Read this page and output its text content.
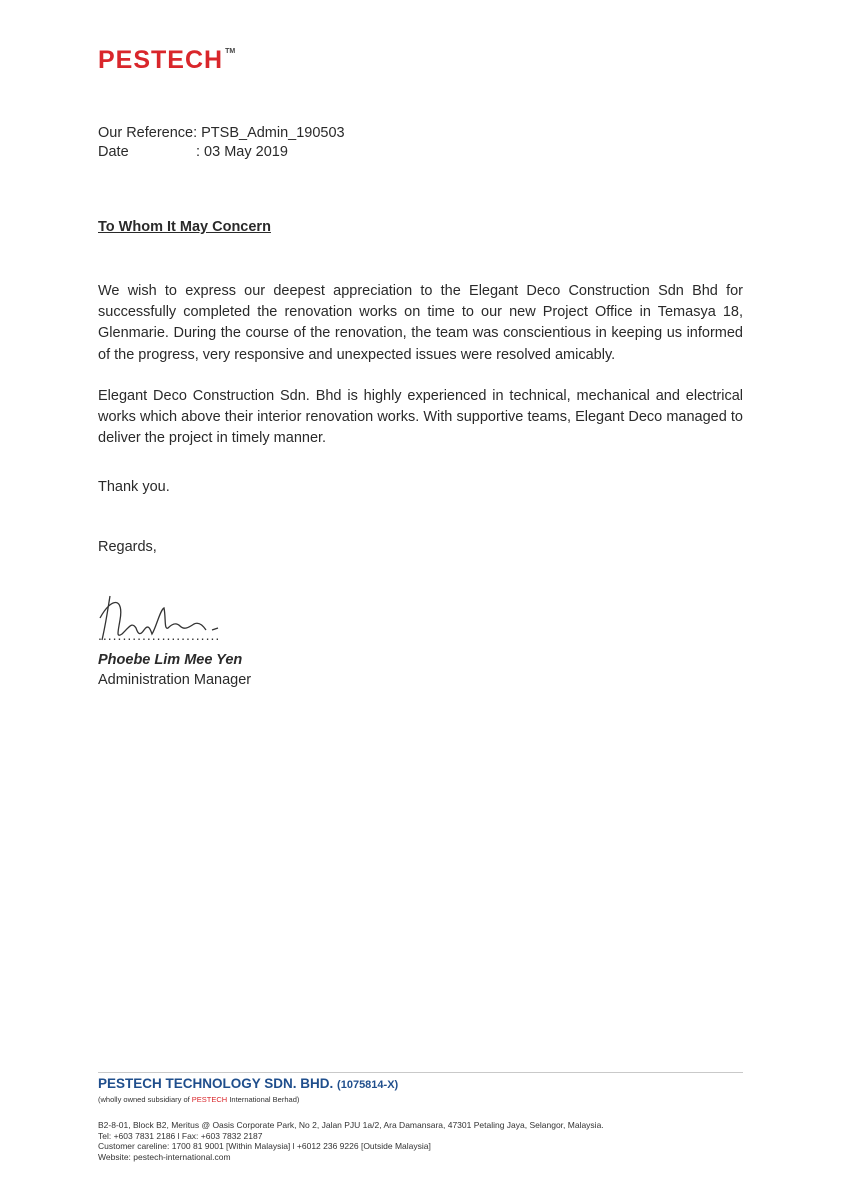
PESTECH ™
Our Reference: PTSB_Admin_190503
Date	: 03 May 2019
To Whom It May Concern

We wish to express our deepest appreciation to the Elegant Deco Construction Sdn Bhd for successfully completed the renovation works on time to our new Project Office in Temasya 18, Glenmarie. During the course of the renovation, the team was conscientious in keeping us informed of the progress, very responsive and unexpected issues were resolved amicably.

Elegant Deco Construction Sdn. Bhd is highly experienced in technical, mechanical and electrical works which above their interior renovation works. With supportive teams, Elegant Deco managed to deliver the project in timely manner.

Thank you.
Regards,
.........................
Phoebe Lim Mee Yen
Administration Manager
PESTECH TECHNOLOGY SDN. BHD. (1075814-X)
(wholly owned subsidiary of PESTECH International Berhad)
B2-8-01, Block B2, Meritus @ Oasis Corporate Park, No 2, Jalan PJU 1a/2, Ara Damansara, 47301 Petaling Jaya, Selangor, Malaysia.
Tel: +603 7831 2186 l Fax: +603 7832 2187
Customer careline: 1700 81 9001 [Within Malaysia] l +6012 236 9226 [Outside Malaysia]
Website: pestech-international.com
